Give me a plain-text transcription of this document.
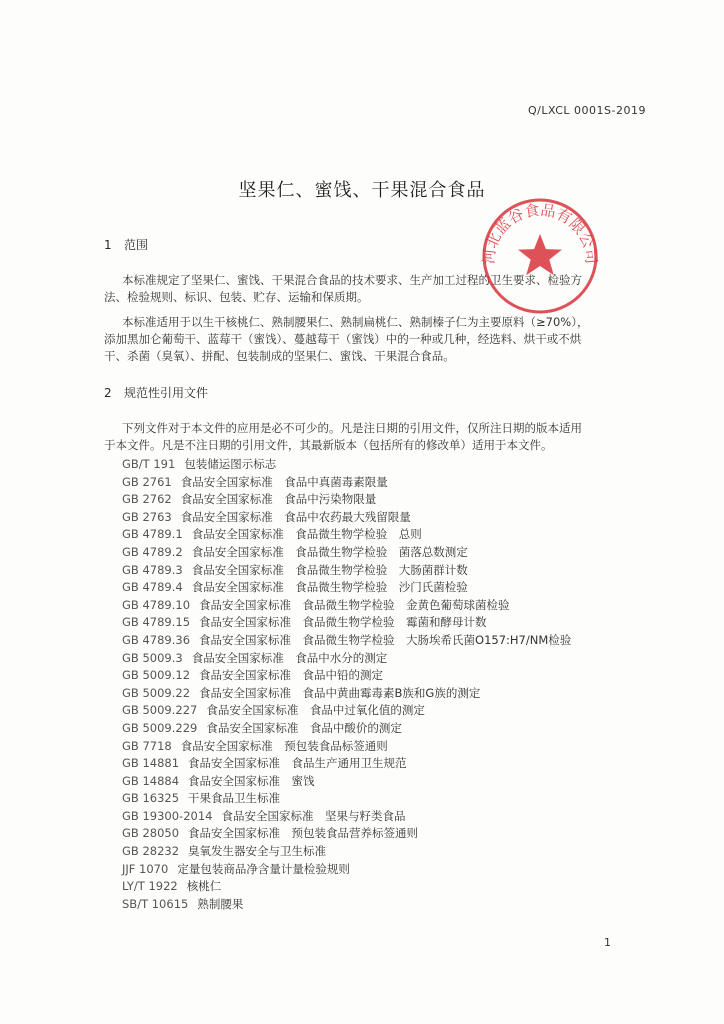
Q/LXCL 0001S-2019
坚果仁、蜜饯、干果混合食品
1 范围
本标准规定了坚果仁、蜜饯、干果混合食品的技术要求、生产加工过程的卫生要求、检验方
法、检验规则、标识、包装、贮存、运输和保质期。
本标准适用于以生干核桃仁、熟制腰果仁、熟制扁桃仁、熟制榛子仁为主要原料（≥70%），
添加黑加仑葡萄干、蓝莓干（蜜饯）、蔓越莓干（蜜饯）中的一种或几种，经选料、烘干或不烘
干、杀菌（臭氧）、拼配、包装制成的坚果仁、蜜饯、干果混合食品。
2 规范性引用文件
下列文件对于本文件的应用是必不可少的。凡是注日期的引用文件，仅所注日期的版本适用
于本文件。凡是不注日期的引用文件，其最新版本（包括所有的修改单）适用于本文件。
GB/T 191 包装储运图示标志
GB 2761 食品安全国家标准　食品中真菌毒素限量
GB 2762 食品安全国家标准　食品中污染物限量
GB 2763 食品安全国家标准　食品中农药最大残留限量
GB 4789.1 食品安全国家标准　食品微生物学检验　总则
GB 4789.2 食品安全国家标准　食品微生物学检验　菌落总数测定
GB 4789.3 食品安全国家标准　食品微生物学检验　大肠菌群计数
GB 4789.4 食品安全国家标准　食品微生物学检验　沙门氏菌检验
GB 4789.10 食品安全国家标准　食品微生物学检验　金黄色葡萄球菌检验
GB 4789.15 食品安全国家标准　食品微生物学检验　霉菌和酵母计数
GB 4789.36 食品安全国家标准　食品微生物学检验　大肠埃希氏菌O157:H7/NM检验
GB 5009.3 食品安全国家标准　食品中水分的测定
GB 5009.12 食品安全国家标准　食品中铅的测定
GB 5009.22 食品安全国家标准　食品中黄曲霉毒素B族和G族的测定
GB 5009.227 食品安全国家标准　食品中过氧化值的测定
GB 5009.229 食品安全国家标准　食品中酸价的测定
GB 7718 食品安全国家标准　预包装食品标签通则
GB 14881 食品安全国家标准　食品生产通用卫生规范
GB 14884 食品安全国家标准　蜜饯
GB 16325 干果食品卫生标准
GB 19300-2014 食品安全国家标准　坚果与籽类食品
GB 28050 食品安全国家标准　预包装食品营养标签通则
GB 28232 臭氧发生器安全与卫生标准
JJF 1070 定量包装商品净含量计量检验规则
LY/T 1922 核桃仁
SB/T 10615 熟制腰果
河北蓝谷食品有限公司
1
